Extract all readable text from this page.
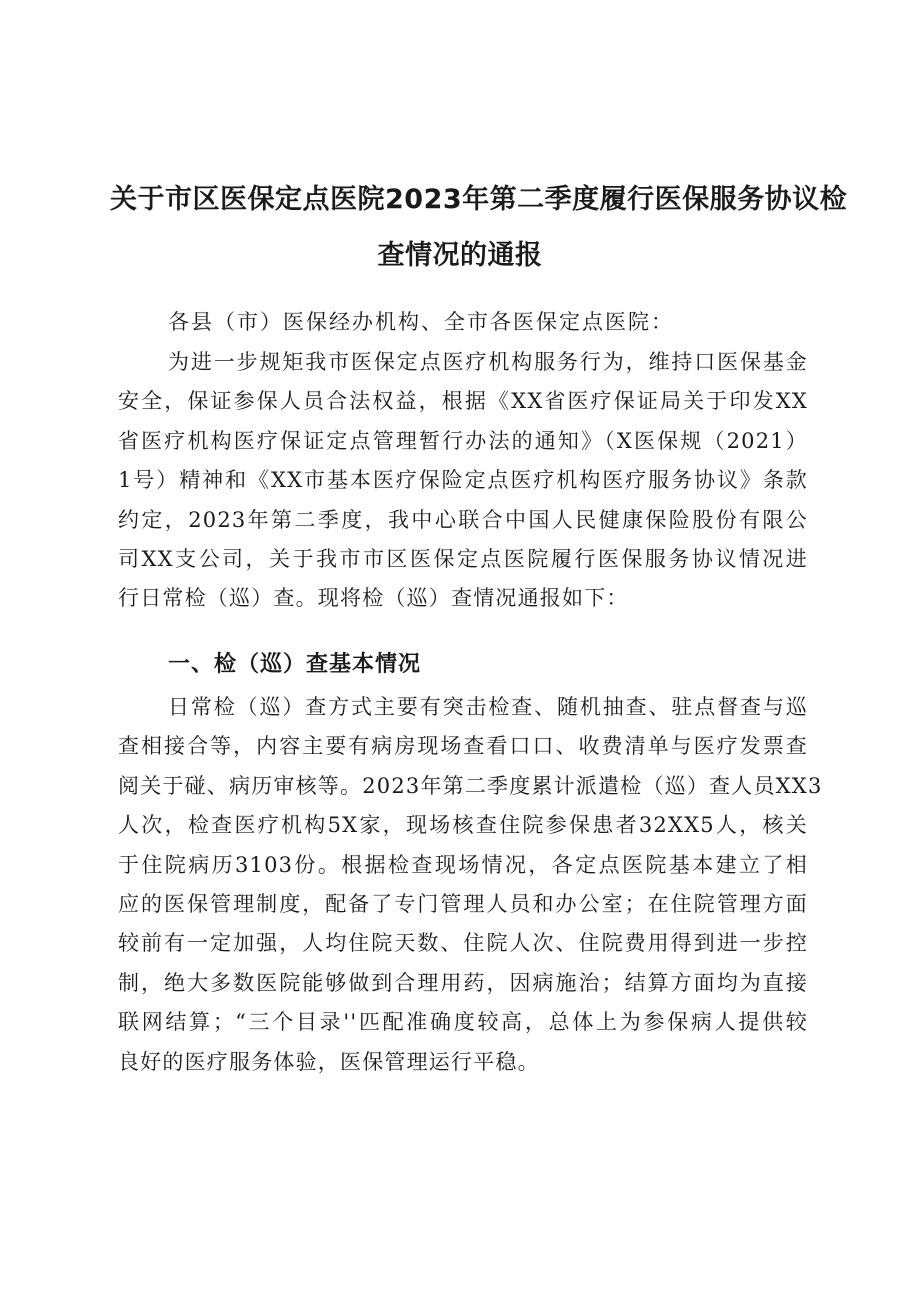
关于市区医保定点医院2023年第二季度履行医保服务协议检
查情况的通报
各县（市）医保经办机构、全市各医保定点医院：
为进一步规矩我市医保定点医疗机构服务行为，维持口医保基金
安全，保证参保人员合法权益，根据《XX省医疗保证局关于印发XX
省医疗机构医疗保证定点管理暂行办法的通知》（X医保规（2021）
1号）精神和《XX市基本医疗保险定点医疗机构医疗服务协议》条款
约定，2023年第二季度，我中心联合中国人民健康保险股份有限公
司XX支公司，关于我市市区医保定点医院履行医保服务协议情况进
行日常检（巡）查。现将检（巡）查情况通报如下：
一、检（巡）查基本情况
日常检（巡）查方式主要有突击检查、随机抽查、驻点督查与巡
查相接合等，内容主要有病房现场查看口口、收费清单与医疗发票查
阅关于碰、病历审核等。2023年第二季度累计派遣检（巡）查人员XX3
人次，检查医疗机构5X家，现场核查住院参保患者32XX5人，核关
于住院病历3103份。根据检查现场情况，各定点医院基本建立了相
应的医保管理制度，配备了专门管理人员和办公室；在住院管理方面
较前有一定加强，人均住院天数、住院人次、住院费用得到进一步控
制，绝大多数医院能够做到合理用药，因病施治；结算方面均为直接
联网结算；“三个目录''匹配准确度较高，总体上为参保病人提供较
良好的医疗服务体验，医保管理运行平稳。
